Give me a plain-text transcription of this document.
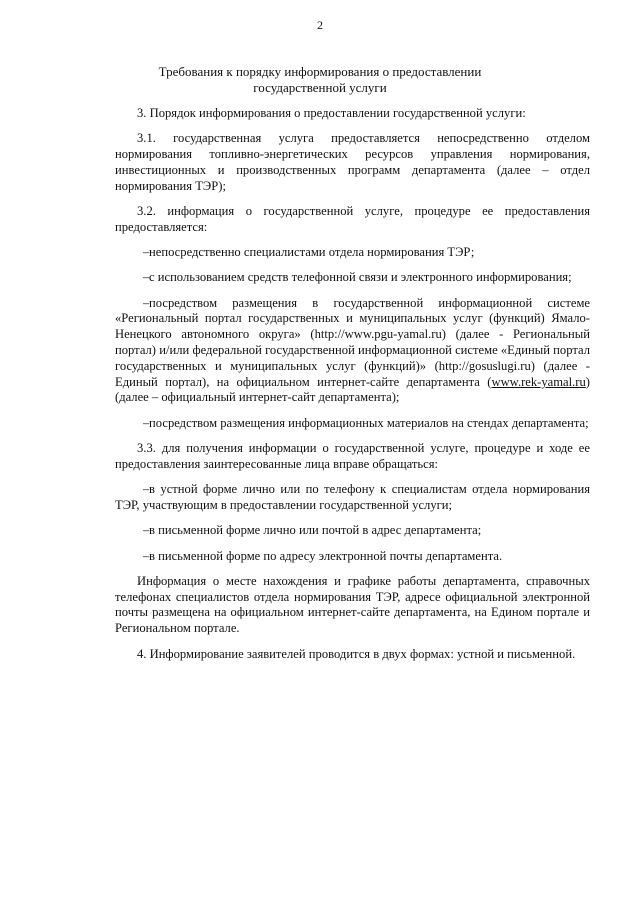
2
Требования к порядку информирования о предоставлении
государственной услуги

3. Порядок информирования о предоставлении государственной услуги:

3.1. государственная услуга предоставляется непосредственно отделом нормирования топливно-энергетических ресурсов управления нормирования, инвестиционных и производственных программ департамента (далее – отдел нормирования ТЭР);

3.2. информация о государственной услуге, процедуре ее предоставления предоставляется:

– непосредственно специалистами отдела нормирования ТЭР;

– с использованием средств телефонной связи и электронного информирования;

– посредством размещения в государственной информационной системе «Региональный портал государственных и муниципальных услуг (функций) Ямало-Ненецкого автономного округа» (http://www.pgu-yamal.ru) (далее - Региональный портал) и/или федеральной государственной информационной системе «Единый портал государственных и муниципальных услуг (функций)» (http://gosuslugi.ru) (далее - Единый портал), на официальном интернет-сайте департамента (www.rek-yamal.ru) (далее – официальный интернет-сайт департамента);

– посредством размещения информационных материалов на стендах департамента;

3.3. для получения информации о государственной услуге, процедуре и ходе ее предоставления заинтересованные лица вправе обращаться:

– в устной форме лично или по телефону к специалистам отдела нормирования ТЭР, участвующим в предоставлении государственной услуги;

– в письменной форме лично или почтой в адрес департамента;

– в письменной форме по адресу электронной почты департамента.

Информация о месте нахождения и графике работы департамента, справочных телефонах специалистов отдела нормирования ТЭР, адресе официальной электронной почты размещена на официальном интернет-сайте департамента, на Едином портале и Региональном портале.

4. Информирование заявителей проводится в двух формах: устной и письменной.
